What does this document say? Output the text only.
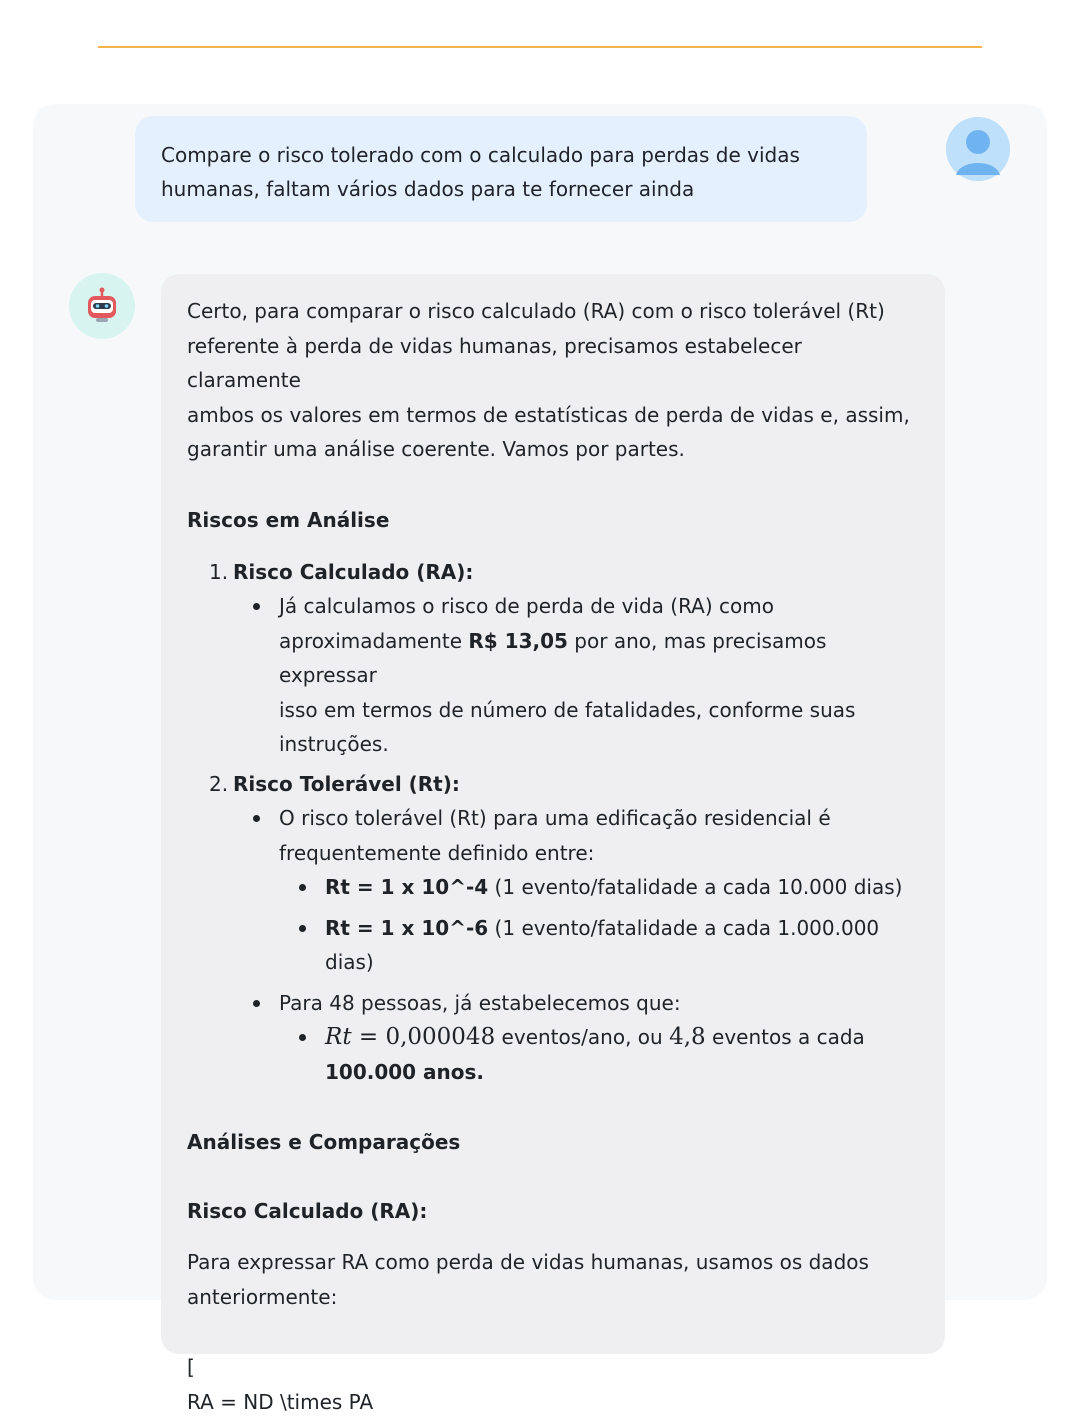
Compare o risco tolerado com o calculado para perdas de vidas
humanas, faltam vários dados para te fornecer ainda

Certo, para comparar o risco calculado (RA) com o risco tolerável (Rt)

referente à perda de vidas humanas, precisamos estabelecer claramente

ambos os valores em termos de estatísticas de perda de vidas e, assim,

garantir uma análise coerente. Vamos por partes.

Riscos em Análise

1. Risco Calculado (RA):
Já calculamos o risco de perda de vida (RA) como
aproximadamente R$ 13,05 por ano, mas precisamos expressar
isso em termos de número de fatalidades, conforme suas
instruções.
2. Risco Tolerável (Rt):
O risco tolerável (Rt) para uma edificação residencial é
frequentemente definido entre:
Rt = 1 x 10^-4 (1 evento/fatalidade a cada 10.000 dias)
Rt = 1 x 10^-6 (1 evento/fatalidade a cada 1.000.000 dias)
Para 48 pessoas, já estabelecemos que:
Rt = 0,000048 eventos/ano, ou 4,8 eventos a cada
100.000 anos.

Análises e Comparações

Risco Calculado (RA):

Para expressar RA como perda de vidas humanas, usamos os dados

anteriormente:

[

RA = ND \times PA
